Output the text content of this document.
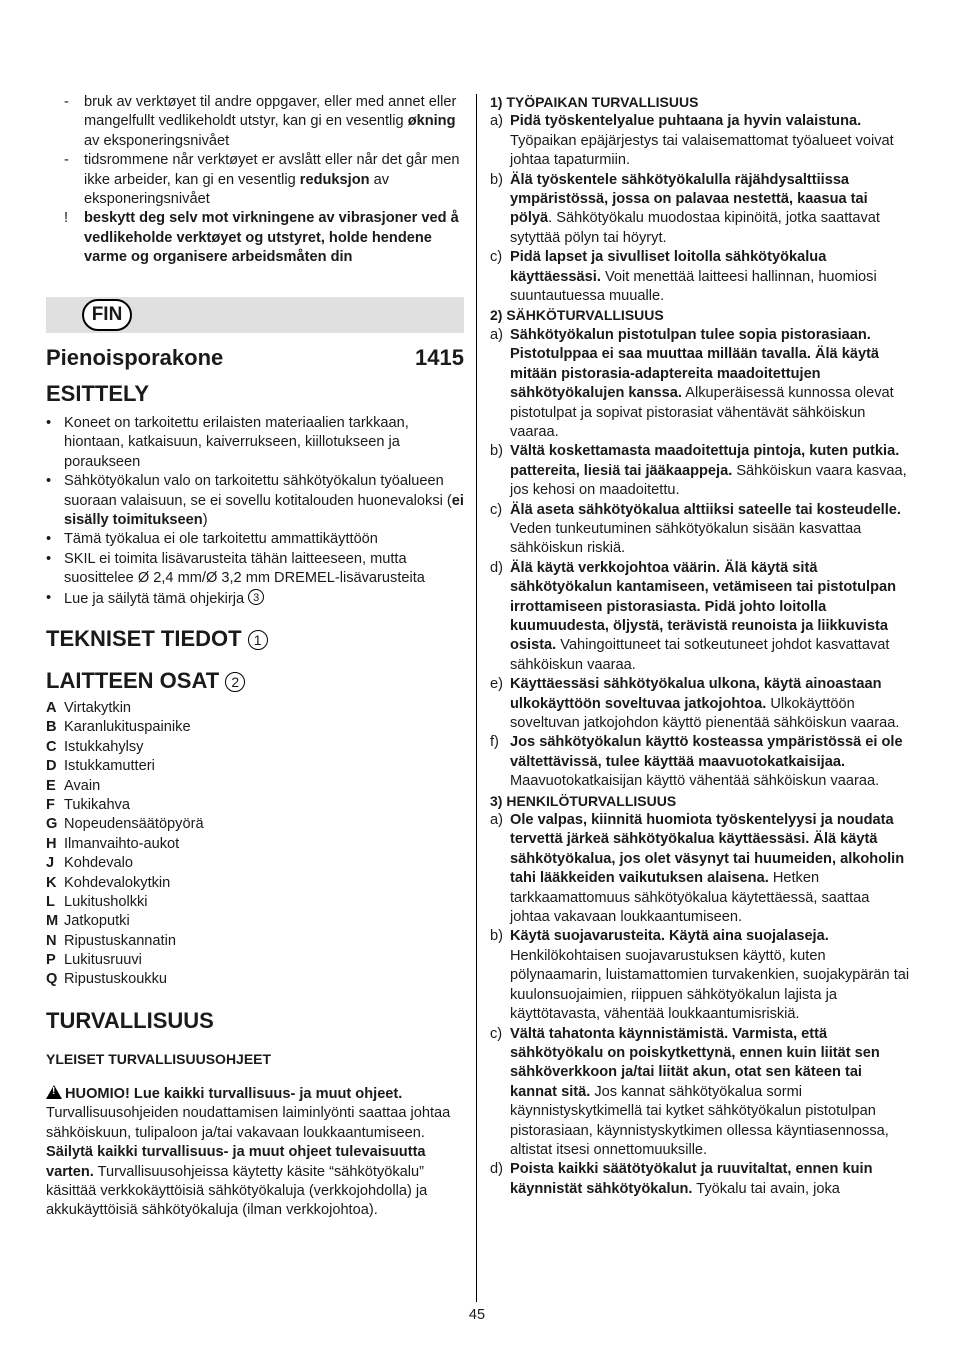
- bruk av verktøyet til andre oppgaver, eller med annet eller mangelfullt vedlikeholdt utstyr, kan gi en vesentlig økning av eksponeringsnivået
- tidsrommene når verktøyet er avslått eller når det går men ikke arbeider, kan gi en vesentlig reduksjon av eksponeringsnivået
! beskytt deg selv mot virkningene av vibrasjoner ved å vedlikeholde verktøyet og utstyret, holde hendene varme og organisere arbeidsmåten din
FIN
Pienoisporakone	1415
ESITTELY
• Koneet on tarkoitettu erilaisten materiaalien tarkkaan, hiontaan, katkaisuun, kaiverrukseen, kiillotukseen ja poraukseen
• Sähkötyökalun valo on tarkoitettu sähkötyökalun työalueen suoraan valaisuun, se ei sovellu kotitalouden huonevaloksi (ei sisälly toimitukseen)
• Tämä työkalua ei ole tarkoitettu ammattikäyttöön
• SKIL ei toimita lisävarusteita tähän laitteeseen, mutta suosittelee Ø 2,4 mm/Ø 3,2 mm DREMEL-lisävarusteita
• Lue ja säilytä tämä ohjekirja 3
TEKNISET TIEDOT 1
LAITTEEN OSAT 2
A Virtakytkin
B Karanlukituspainike
C Istukkahylsy
D Istukkamutteri
E Avain
F Tukikahva
G Nopeudensäätöpyörä
H Ilmanvaihto-aukot
J Kohdevalo
K Kohdevalokytkin
L Lukitusholkki
M Jatkoputki
N Ripustuskannatin
P Lukitusruuvi
Q Ripustuskoukku
TURVALLISUUS
YLEISET TURVALLISUUSOHJEET
!HUOMIO! Lue kaikki turvallisuus- ja muut ohjeet. Turvallisuusohjeiden noudattamisen laiminlyönti saattaa johtaa sähköiskuun, tulipaloon ja/tai vakavaan loukkaantumiseen. Säilytä kaikki turvallisuus- ja muut ohjeet tulevaisuutta varten. Turvallisuusohjeissa käytetty käsite “sähkötyökalu” käsittää verkkokäyttöisiä sähkötyökaluja (verkkojohdolla) ja akkukäyttöisiä sähkötyökaluja (ilman verkkojohtoa).
1) TYÖPAIKAN TURVALLISUUS
a) Pidä työskentelyalue puhtaana ja hyvin valaistuna. Työpaikan epäjärjestys tai valaisemattomat työalueet voivat johtaa tapaturmiin.
b) Älä työskentele sähkötyökalulla räjähdysalttiissa ympäristössä, jossa on palavaa nestettä, kaasua tai pölyä. Sähkötyökalu muodostaa kipinöitä, jotka saattavat sytyttää pölyn tai höyryt.
c) Pidä lapset ja sivulliset loitolla sähkötyökalua käyttäessäsi. Voit menettää laitteesi hallinnan, huomiosi suuntautuessa muualle.
2) SÄHKÖTURVALLISUUS
a) Sähkötyökalun pistotulpan tulee sopia pistorasiaan. Pistotulppaa ei saa muuttaa millään tavalla. Älä käytä mitään pistorasia-adaptereita maadoitettujen sähkötyökalujen kanssa. Alkuperäisessä kunnossa olevat pistotulpat ja sopivat pistorasiat vähentävät sähköiskun vaaraa.
b) Vältä koskettamasta maadoitettuja pintoja, kuten putkia. pattereita, liesiä tai jääkaappeja. Sähköiskun vaara kasvaa, jos kehosi on maadoitettu.
c) Älä aseta sähkötyökalua alttiiksi sateelle tai kosteudelle. Veden tunkeutuminen sähkötyökalun sisään kasvattaa sähköiskun riskiä.
d) Älä käytä verkkojohtoa väärin. Älä käytä sitä sähkötyökalun kantamiseen, vetämiseen tai pistotulpan irrottamiseen pistorasiasta. Pidä johto loitolla kuumuudesta, öljystä, terävistä reunoista ja liikkuvista osista. Vahingoittuneet tai sotkeutuneet johdot kasvattavat sähköiskun vaaraa.
e) Käyttäessäsi sähkötyökalua ulkona, käytä ainoastaan ulkokäyttöön soveltuvaa jatkojohtoa. Ulkokäyttöön soveltuvan jatkojohdon käyttö pienentää sähköiskun vaaraa.
f) Jos sähkötyökalun käyttö kosteassa ympäristössä ei ole vältettävissä, tulee käyttää maavuotokatkaisijaa. Maavuotokatkaisijan käyttö vähentää sähköiskun vaaraa.
3) HENKILÖTURVALLISUUS
a) Ole valpas, kiinnitä huomiota työskentelyysi ja noudata tervettä järkeä sähkötyökalua käyttäessäsi. Älä käytä sähkötyökalua, jos olet väsynyt tai huumeiden, alkoholin tahi lääkkeiden vaikutuksen alaisena. Hetken tarkkaamattomuus sähkötyökalua käytettäessä, saattaa johtaa vakavaan loukkaantumiseen.
b) Käytä suojavarusteita. Käytä aina suojalaseja. Henkilökohtaisen suojavarustuksen käyttö, kuten pölynaamarin, luistamattomien turvakenkien, suojakypärän tai kuulonsuojaimien, riippuen sähkötyökalun lajista ja käyttötavasta, vähentää loukkaantumisriskiä.
c) Vältä tahatonta käynnistämistä. Varmista, että sähkötyökalu on poiskytkettynä, ennen kuin liität sen sähköverkkoon ja/tai liität akun, otat sen käteen tai kannat sitä. Jos kannat sähkötyökalua sormi käynnistyskytkimellä tai kytket sähkötyökalun pistotulpan pistorasiaan, käynnistyskytkimen ollessa käyntiasennossa, altistat itsesi onnettomuuksille.
d) Poista kaikki säätötyökalut ja ruuvitaltat, ennen kuin käynnistät sähkötyökalun. Työkalu tai avain, joka
45
